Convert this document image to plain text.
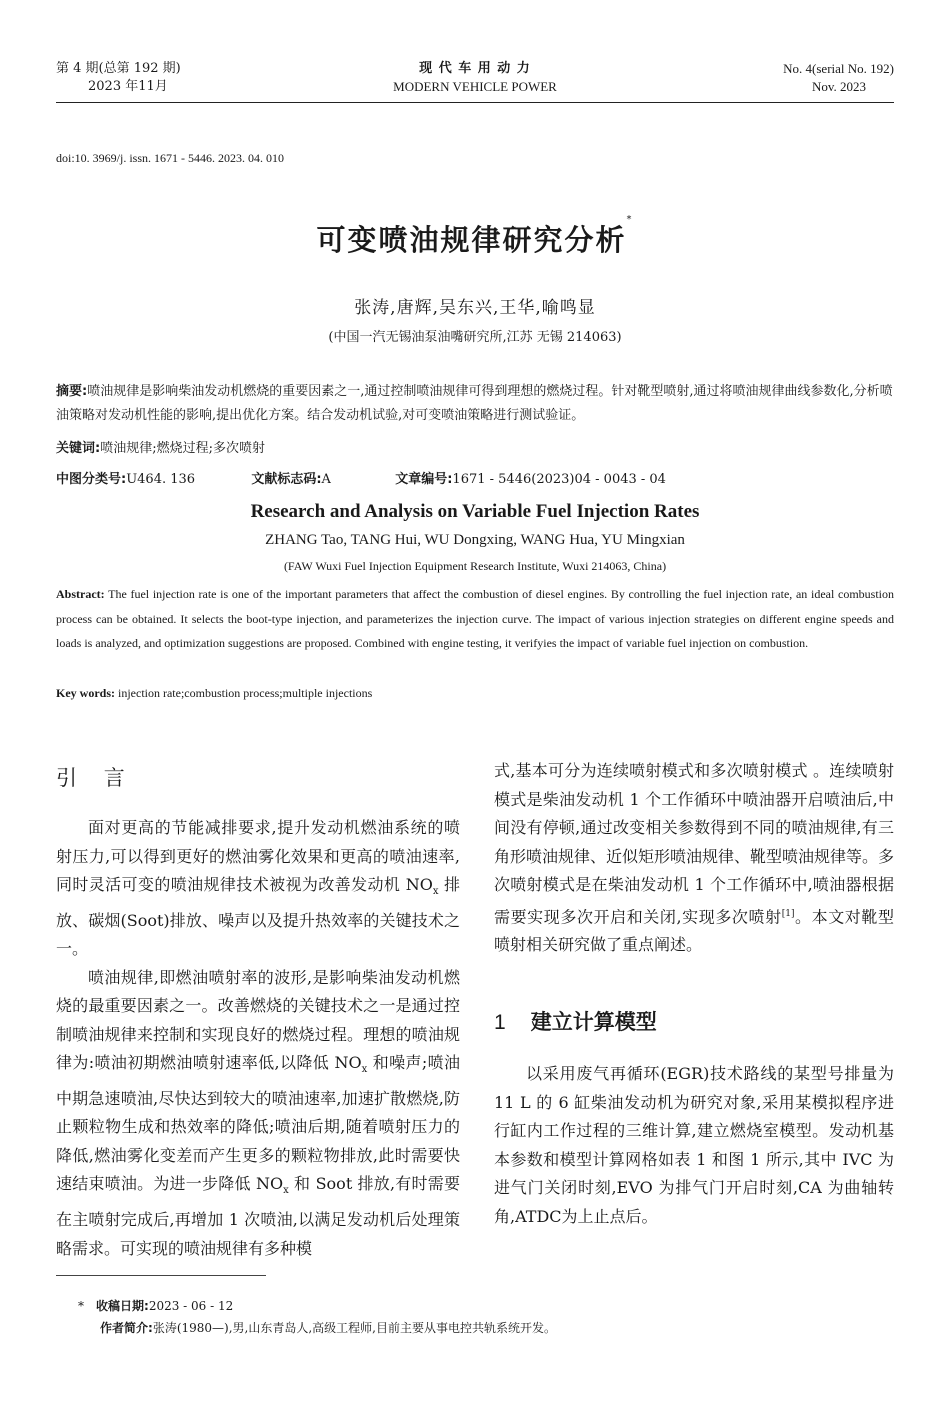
第 4 期(总第 192 期)
2023 年11月
现 代 车 用 动 力
MODERN VEHICLE POWER
No. 4(serial No. 192)
Nov. 2023
doi:10. 3969/j. issn. 1671 - 5446. 2023. 04. 010
可变喷油规律研究分析*
张涛,唐辉,吴东兴,王华,喻鸣显
(中国一汽无锡油泵油嘴研究所,江苏 无锡 214063)
摘要:喷油规律是影响柴油发动机燃烧的重要因素之一,通过控制喷油规律可得到理想的燃烧过程。针对靴型喷射,通过将喷油规律曲线参数化,分析喷油策略对发动机性能的影响,提出优化方案。结合发动机试验,对可变喷油策略进行测试验证。
关键词:喷油规律;燃烧过程;多次喷射
中图分类号:U464. 136	文献标志码:A	文章编号:1671 - 5446(2023)04 - 0043 - 04
Research and Analysis on Variable Fuel Injection Rates
ZHANG Tao, TANG Hui, WU Dongxing, WANG Hua, YU Mingxian
(FAW Wuxi Fuel Injection Equipment Research Institute, Wuxi 214063, China)
Abstract: The fuel injection rate is one of the important parameters that affect the combustion of diesel engines. By controlling the fuel injection rate, an ideal combustion process can be obtained. It selects the boot-type injection, and parameterizes the injection curve. The impact of various injection strategies on different engine speeds and loads is analyzed, and optimization suggestions are proposed. Combined with engine testing, it verifyies the impact of variable fuel injection on combustion.
Key words: injection rate;combustion process;multiple injections
引    言

面对更高的节能减排要求,提升发动机燃油系统的喷射压力,可以得到更好的燃油雾化效果和更高的喷油速率,同时灵活可变的喷油规律技术被视为改善发动机 $NO_x$ 排放、碳烟(Soot)排放、噪声以及提升热效率的关键技术之一。

喷油规律,即燃油喷射率的波形,是影响柴油发动机燃烧的最重要因素之一。改善燃烧的关键技术之一是通过控制喷油规律来控制和实现良好的燃烧过程。理想的喷油规律为:喷油初期燃油喷射速率低,以降低 $NO_x$ 和噪声;喷油中期急速喷油,尽快达到较大的喷油速率,加速扩散燃烧,防止颗粒物生成和热效率的降低;喷油后期,随着喷射压力的降低,燃油雾化变差而产生更多的颗粒物排放,此时需要快速结束喷油。为进一步降低 $NO_x$ 和 Soot 排放,有时需要在主喷射完成后,再增加 1 次喷油,以满足发动机后处理策略需求。可实现的喷油规律有多种模

式,基本可分为连续喷射模式和多次喷射模式 。连续喷射模式是柴油发动机 1 个工作循环中喷油器开启喷油后,中间没有停顿,通过改变相关参数得到不同的喷油规律,有三角形喷油规律、近似矩形喷油规律、靴型喷油规律等。多次喷射模式是在柴油发动机 1 个工作循环中,喷油器根据需要实现多次开启和关闭,实现多次喷射[1]。本文对靴型喷射相关研究做了重点阐述。

1 建立计算模型

以采用废气再循环(EGR)技术路线的某型号排量为 11 L 的 6 缸柴油发动机为研究对象,采用某模拟程序进行缸内工作过程的三维计算,建立燃烧室模型。发动机基本参数和模型计算网格如表 1 和图 1 所示,其中 IVC 为进气门关闭时刻,EVO 为排气门开启时刻,CA 为曲轴转角,ATDC为上止点后。

* 收稿日期:2023 - 06 - 12
作者简介:张涛(1980—),男,山东青岛人,高级工程师,目前主要从事电控共轨系统开发。
